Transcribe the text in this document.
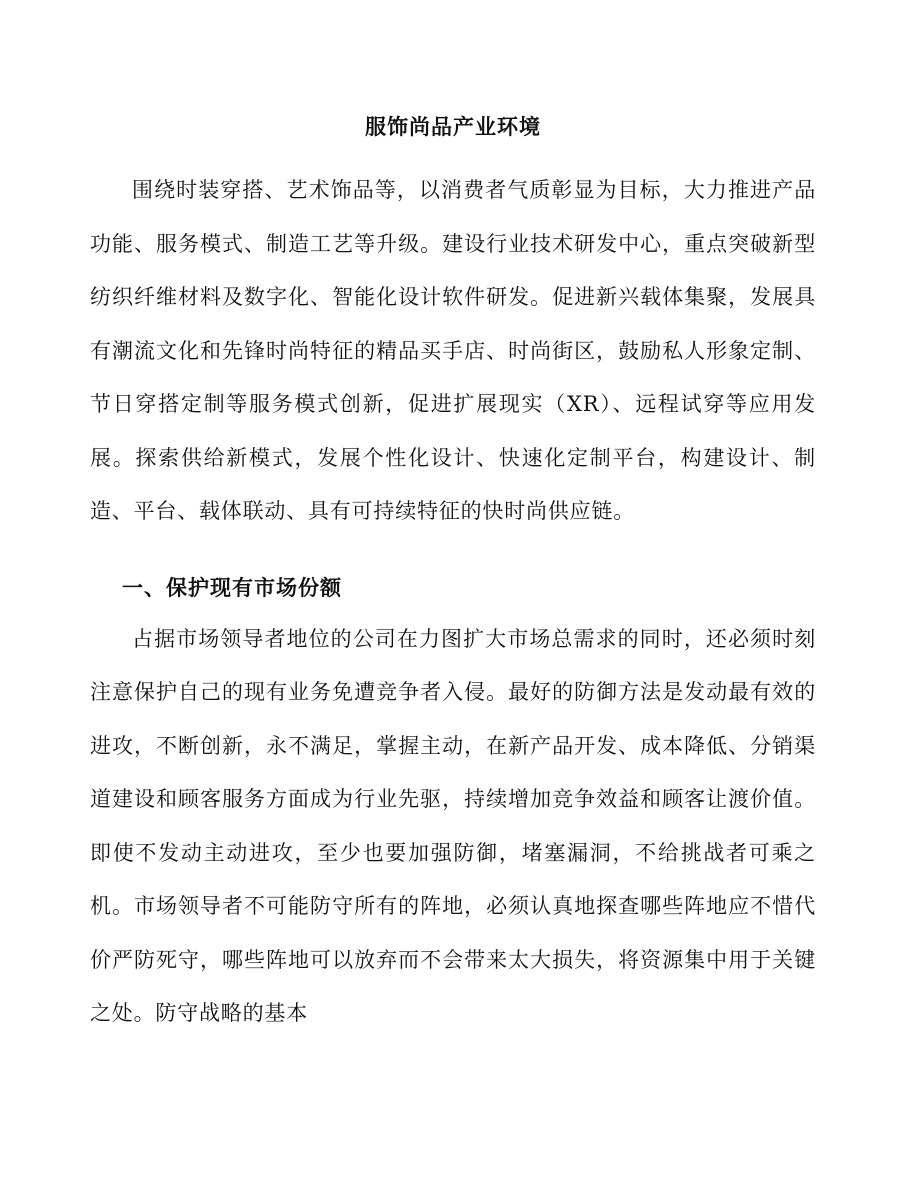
服饰尚品产业环境

围绕时装穿搭、艺术饰品等，以消费者气质彰显为目标，大力推进产品功能、服务模式、制造工艺等升级。建设行业技术研发中心，重点突破新型纺织纤维材料及数字化、智能化设计软件研发。促进新兴载体集聚，发展具有潮流文化和先锋时尚特征的精品买手店、时尚街区，鼓励私人形象定制、节日穿搭定制等服务模式创新，促进扩展现实（XR）、远程试穿等应用发展。探索供给新模式，发展个性化设计、快速化定制平台，构建设计、制造、平台、载体联动、具有可持续特征的快时尚供应链。

一、保护现有市场份额

占据市场领导者地位的公司在力图扩大市场总需求的同时，还必须时刻注意保护自己的现有业务免遭竞争者入侵。最好的防御方法是发动最有效的进攻，不断创新，永不满足，掌握主动，在新产品开发、成本降低、分销渠道建设和顾客服务方面成为行业先驱，持续增加竞争效益和顾客让渡价值。即使不发动主动进攻，至少也要加强防御，堵塞漏洞，不给挑战者可乘之机。市场领导者不可能防守所有的阵地，必须认真地探查哪些阵地应不惜代价严防死守，哪些阵地可以放弃而不会带来太大损失，将资源集中用于关键之处。防守战略的基本
